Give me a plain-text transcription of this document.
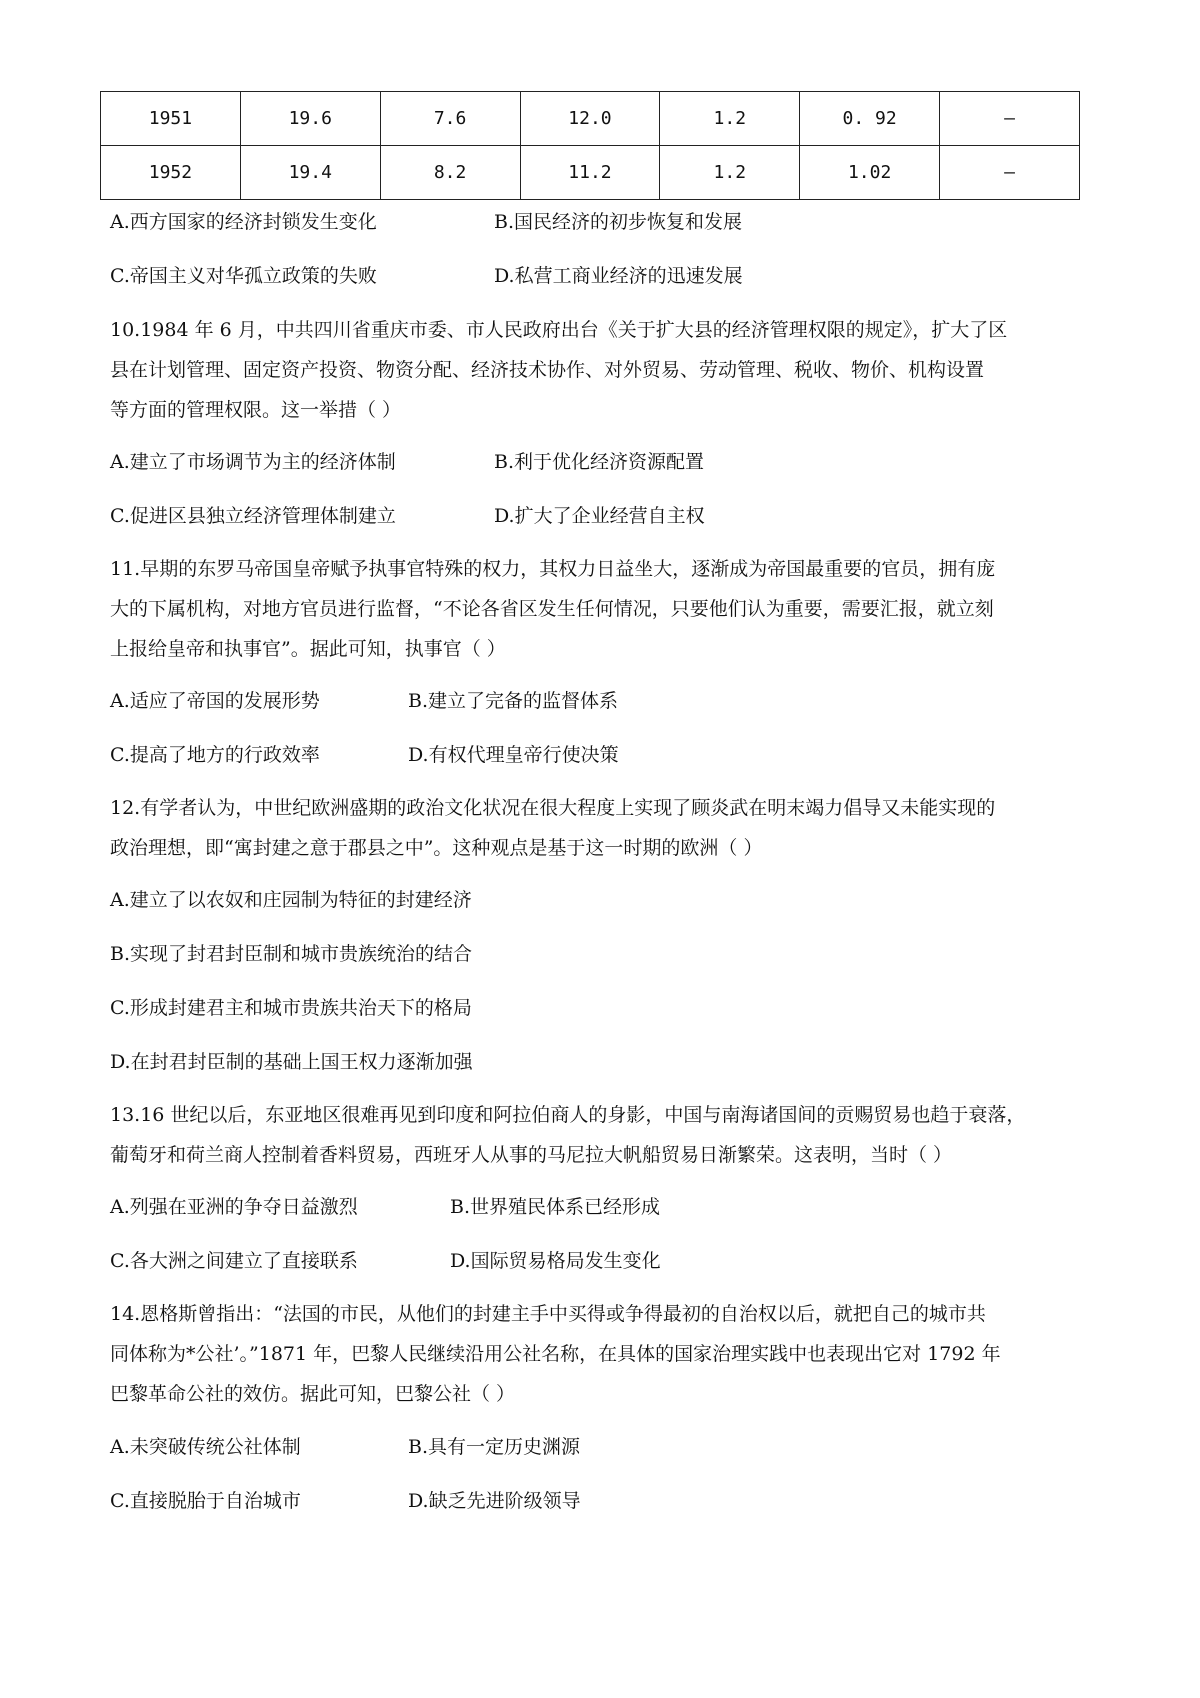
1951	19.6	7.6	12.0	1.2	0. 92	—
1952	19.4	8.2	11.2	1.2	1.02	—
A.西方国家的经济封锁发生变化	B.国民经济的初步恢复和发展
C.帝国主义对华孤立政策的失败	D.私营工商业经济的迅速发展
10.1984 年 6 月，中共四川省重庆市委、市人民政府出台《关于扩大县的经济管理权限的规定》，扩大了区
县在计划管理、固定资产投资、物资分配、经济技术协作、对外贸易、劳动管理、税收、物价、机构设置
等方面的管理权限。这一举措（ ）
A.建立了市场调节为主的经济体制	B.利于优化经济资源配置
C.促进区县独立经济管理体制建立	D.扩大了企业经营自主权
11.早期的东罗马帝国皇帝赋予执事官特殊的权力，其权力日益坐大，逐渐成为帝国最重要的官员，拥有庞
大的下属机构，对地方官员进行监督，“不论各省区发生任何情况，只要他们认为重要，需要汇报，就立刻
上报给皇帝和执事官”。据此可知，执事官（ ）
A.适应了帝国的发展形势	B.建立了完备的监督体系
C.提高了地方的行政效率	D.有权代理皇帝行使决策
12.有学者认为，中世纪欧洲盛期的政治文化状况在很大程度上实现了顾炎武在明末竭力倡导又未能实现的
政治理想，即“寓封建之意于郡县之中”。这种观点是基于这一时期的欧洲（ ）
A.建立了以农奴和庄园制为特征的封建经济
B.实现了封君封臣制和城市贵族统治的结合
C.形成封建君主和城市贵族共治天下的格局
D.在封君封臣制的基础上国王权力逐渐加强
13.16 世纪以后，东亚地区很难再见到印度和阿拉伯商人的身影，中国与南海诸国间的贡赐贸易也趋于衰落，
葡萄牙和荷兰商人控制着香料贸易，西班牙人从事的马尼拉大帆船贸易日渐繁荣。这表明，当时（ ）
A.列强在亚洲的争夺日益激烈	B.世界殖民体系已经形成
C.各大洲之间建立了直接联系	D.国际贸易格局发生变化
14.恩格斯曾指出：“法国的市民，从他们的封建主手中买得或争得最初的自治权以后，就把自己的城市共
同体称为*公社’。”1871 年，巴黎人民继续沿用公社名称，在具体的国家治理实践中也表现出它对 1792 年
巴黎革命公社的效仿。据此可知，巴黎公社（ ）
A.未突破传统公社体制	B.具有一定历史渊源
C.直接脱胎于自治城市	D.缺乏先进阶级领导
